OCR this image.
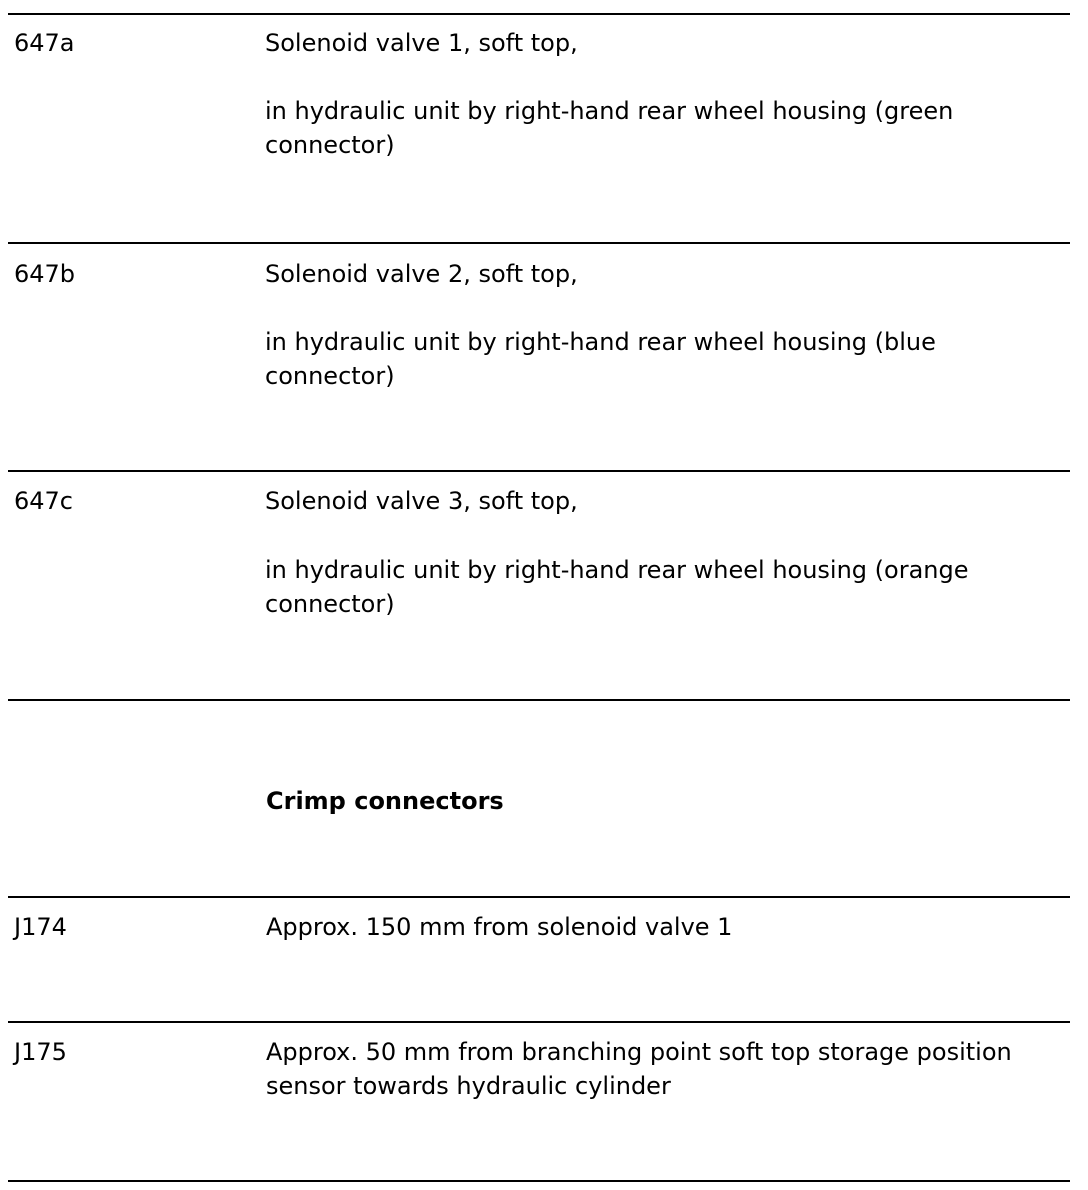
647a	Solenoid valve 1, soft top,
in hydraulic unit by right-hand rear wheel housing (green connector)
647b	Solenoid valve 2, soft top,
in hydraulic unit by right-hand rear wheel housing (blue connector)
647c	Solenoid valve 3, soft top,
in hydraulic unit by right-hand rear wheel housing (orange connector)
Crimp connectors
J174	Approx. 150 mm from solenoid valve 1
J175	Approx. 50 mm from branching point soft top storage position sensor towards hydraulic cylinder
